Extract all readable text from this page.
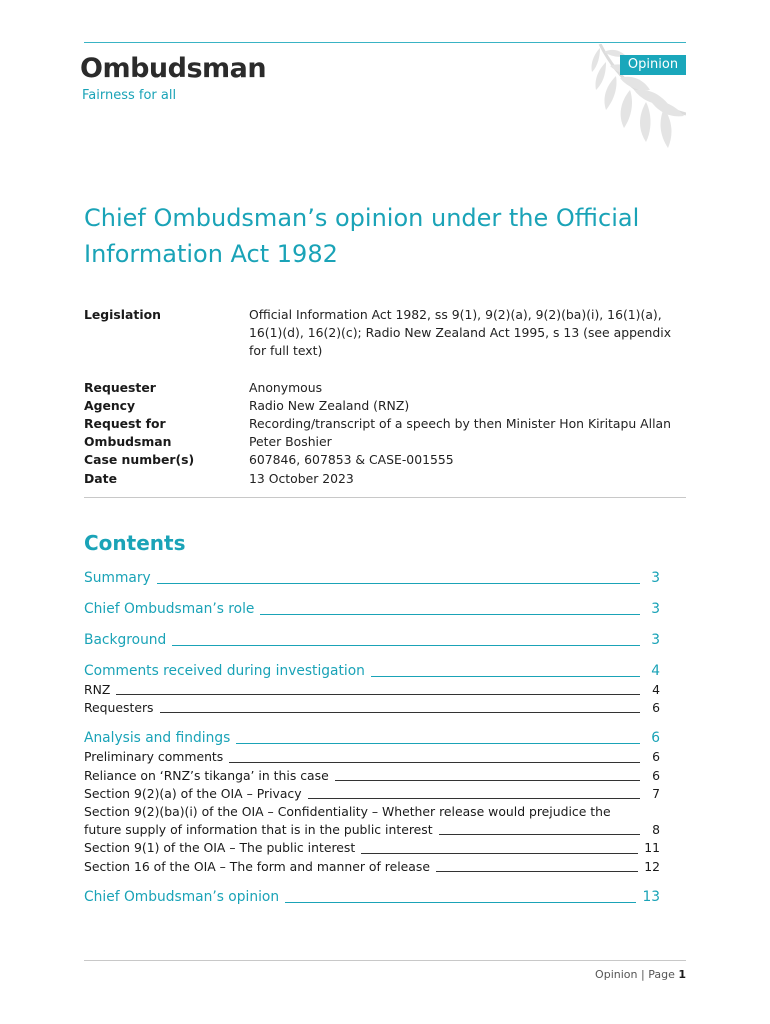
Ombudsman
Fairness for all
Opinion
Chief Ombudsman’s opinion under the Official Information Act 1982
Legislation	Official Information Act 1982, ss 9(1), 9(2)(a), 9(2)(ba)(i), 16(1)(a), 16(1)(d), 16(2)(c); Radio New Zealand Act 1995, s 13 (see appendix for full text)
Requester	Anonymous
Agency	Radio New Zealand (RNZ)
Request for	Recording/transcript of a speech by then Minister Hon Kiritapu Allan
Ombudsman	Peter Boshier
Case number(s)	607846, 607853 & CASE-001555
Date	13 October 2023
Contents
Summary	3
Chief Ombudsman’s role	3
Background	3
Comments received during investigation	4
RNZ	4
Requesters	6
Analysis and findings	6
Preliminary comments	6
Reliance on ‘RNZ’s tikanga’ in this case	6
Section 9(2)(a) of the OIA – Privacy	7
Section 9(2)(ba)(i) of the OIA – Confidentiality – Whether release would prejudice the
future supply of information that is in the public interest	8
Section 9(1) of the OIA – The public interest	11
Section 16 of the OIA – The form and manner of release	12
Chief Ombudsman’s opinion	13
Opinion | Page 1
